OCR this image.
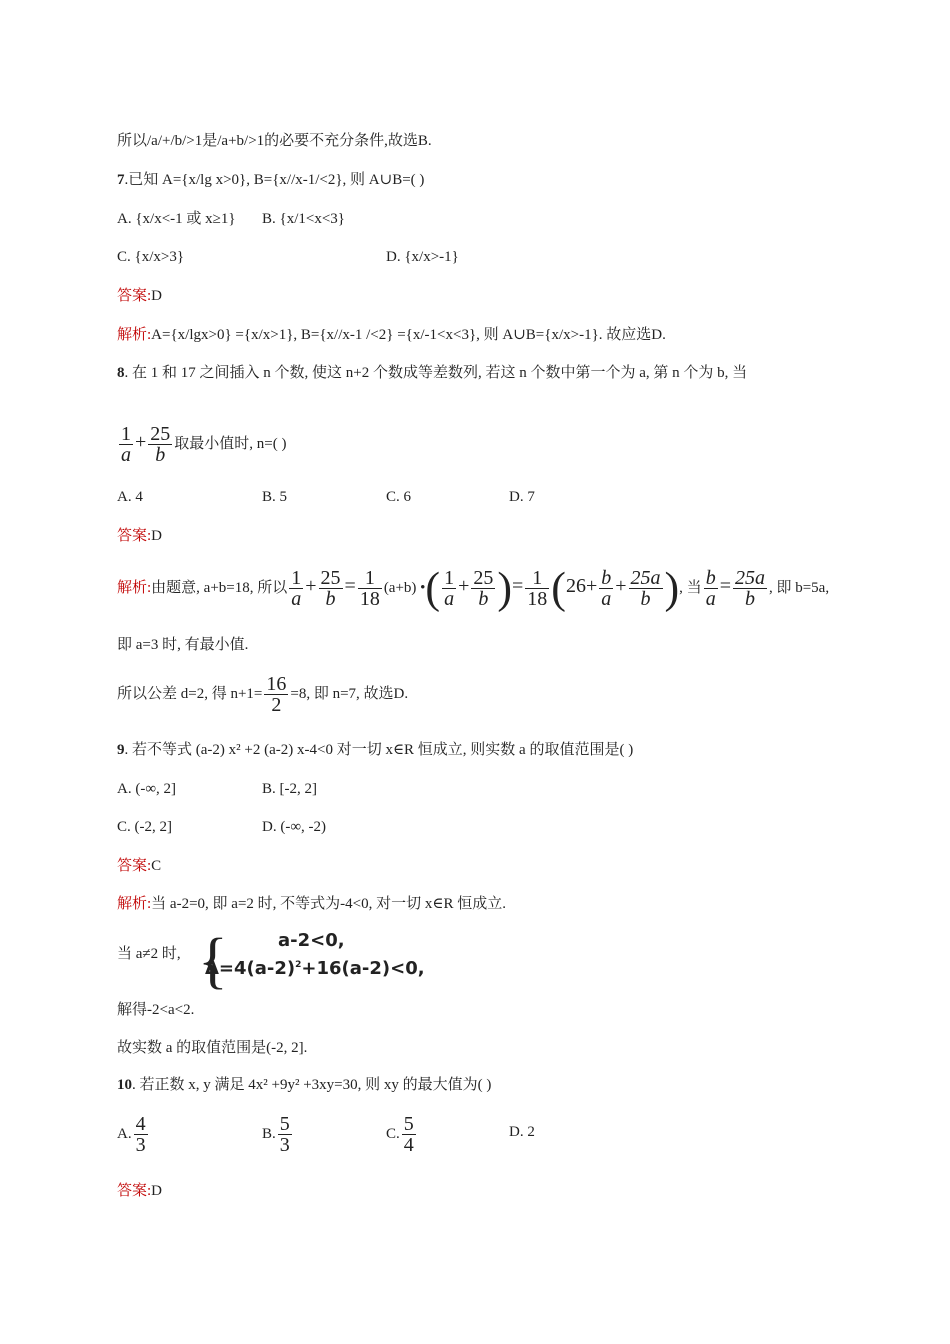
所以/a/+/b/>1是/a+b/>1的必要不充分条件,故选B.
7.已知 A={x/lg x>0}, B={x//x-1/<2}, 则 A∪B=( )
A. {x/x<-1 或 x≥1} B. {x/1<x<3}
C. {x/x>3}	D. {x/x>-1}
答案:D
解析:A={x/lgx>0} ={x/x>1}, B={x//x-1 /<2} ={x/-1<x<3}, 则 A∪B={x/x>-1}. 故应选D.
8. 在 1 和 17 之间插入 n 个数, 使这 n+2 个数成等差数列, 若这 n 个数中第一个为 a, 第 n 个为 b, 当
$\frac{1}{a} + \frac{25}{b}$ 取最小值时, n=( )
A. 4	B. 5	C. 6	D. 7
答案:D
解析:由题意, a+b=18, 所以 $\frac{1}{a} + \frac{25}{b} = \frac{1}{18} (a+b)$ •( $\frac{1}{a} + \frac{25}{b}$ )= $\frac{1}{18} (26+ \frac{b}{a} + \frac{25a}{b}$ ), 当 $\frac{b}{a} = \frac{25a}{b}$ , 即 b=5a,
即 a=3 时, 有最小值.
所以公差 d=2, 得 $n+1= \frac{16}{2} =8$, 即 n=7, 故选D.
9. 若不等式 (a-2) x² +2 (a-2) x-4<0 对一切 x∈R 恒成立, 则实数 a 的取值范围是( )
A. (-∞, 2]	B. [-2, 2]
C. (-2, 2]	D. (-∞, -2)
答案:C
解析:当 a-2=0, 即 a=2 时, 不等式为-4<0, 对一切 x∈R 恒成立.
当 a≠2 时, {	a-2<0,
$\Delta=4(a-2)^2+16(a-2)<0$,
解得-2<a<2.
故实数 a 的取值范围是(-2, 2].
10. 若正数 x, y 满足 4x² +9y² +3xy=30, 则 xy 的最大值为( )
A. $\frac{4}{3}$	B. $\frac{5}{3}$	C. $\frac{5}{4}$	D. 2
答案:D
